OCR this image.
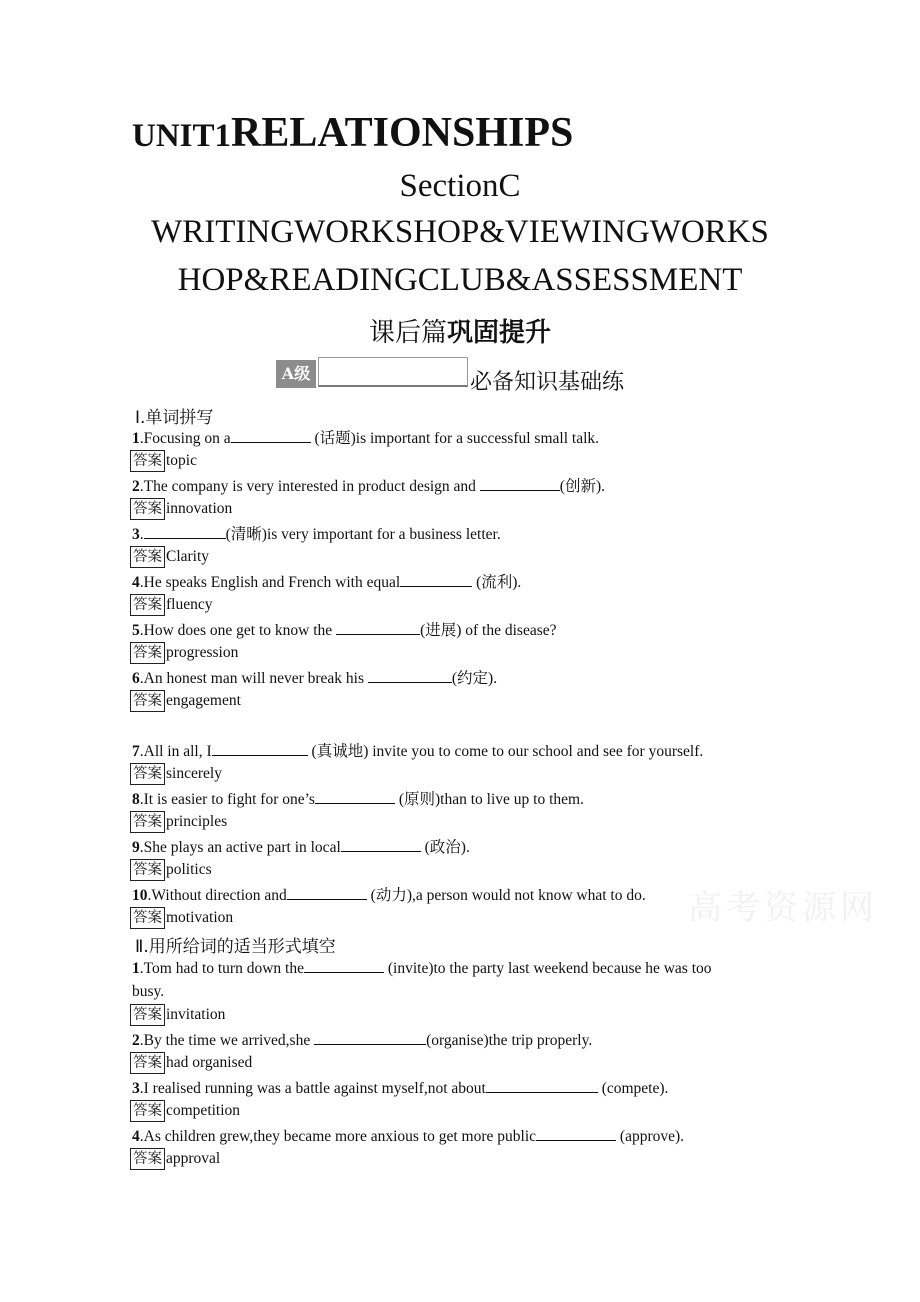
UNIT1RELATIONSHIPS
SectionC
WRITINGWORKSHOP&VIEWINGWORKS
HOP&READINGCLUB&ASSESSMENT
课后篇巩固提升
A级	必备知识基础练
Ⅰ.单词拼写
1.Focusing on a	(话题)is important for a successful small talk.
答案 topic
2.The company is very interested in product design and	(创新).
答案 innovation
3.	(清晰)is very important for a business letter.
答案 Clarity
4.He speaks English and French with equal	(流利).
答案 fluency
5.How does one get to know the	(进展) of the disease?
答案 progression
6.An honest man will never break his	(约定).
答案 engagement
7.All in all, I	(真诚地) invite you to come to our school and see for yourself.
答案 sincerely
8.It is easier to fight for one’s	(原则)than to live up to them.
答案 principles
9.She plays an active part in local	(政治).
答案 politics
10.Without direction and	(动力),a person would not know what to do.
答案 motivation	高考资源网
Ⅱ.用所给词的适当形式填空
1.Tom had to turn down the	(invite)to the party last weekend because he was too
busy.
答案 invitation
2.By the time we arrived,she	(organise)the trip properly.
答案 had organised
3.I realised running was a battle against myself,not about	(compete).
答案 competition
4.As children grew,they became more anxious to get more public	(approve).
答案 approval
